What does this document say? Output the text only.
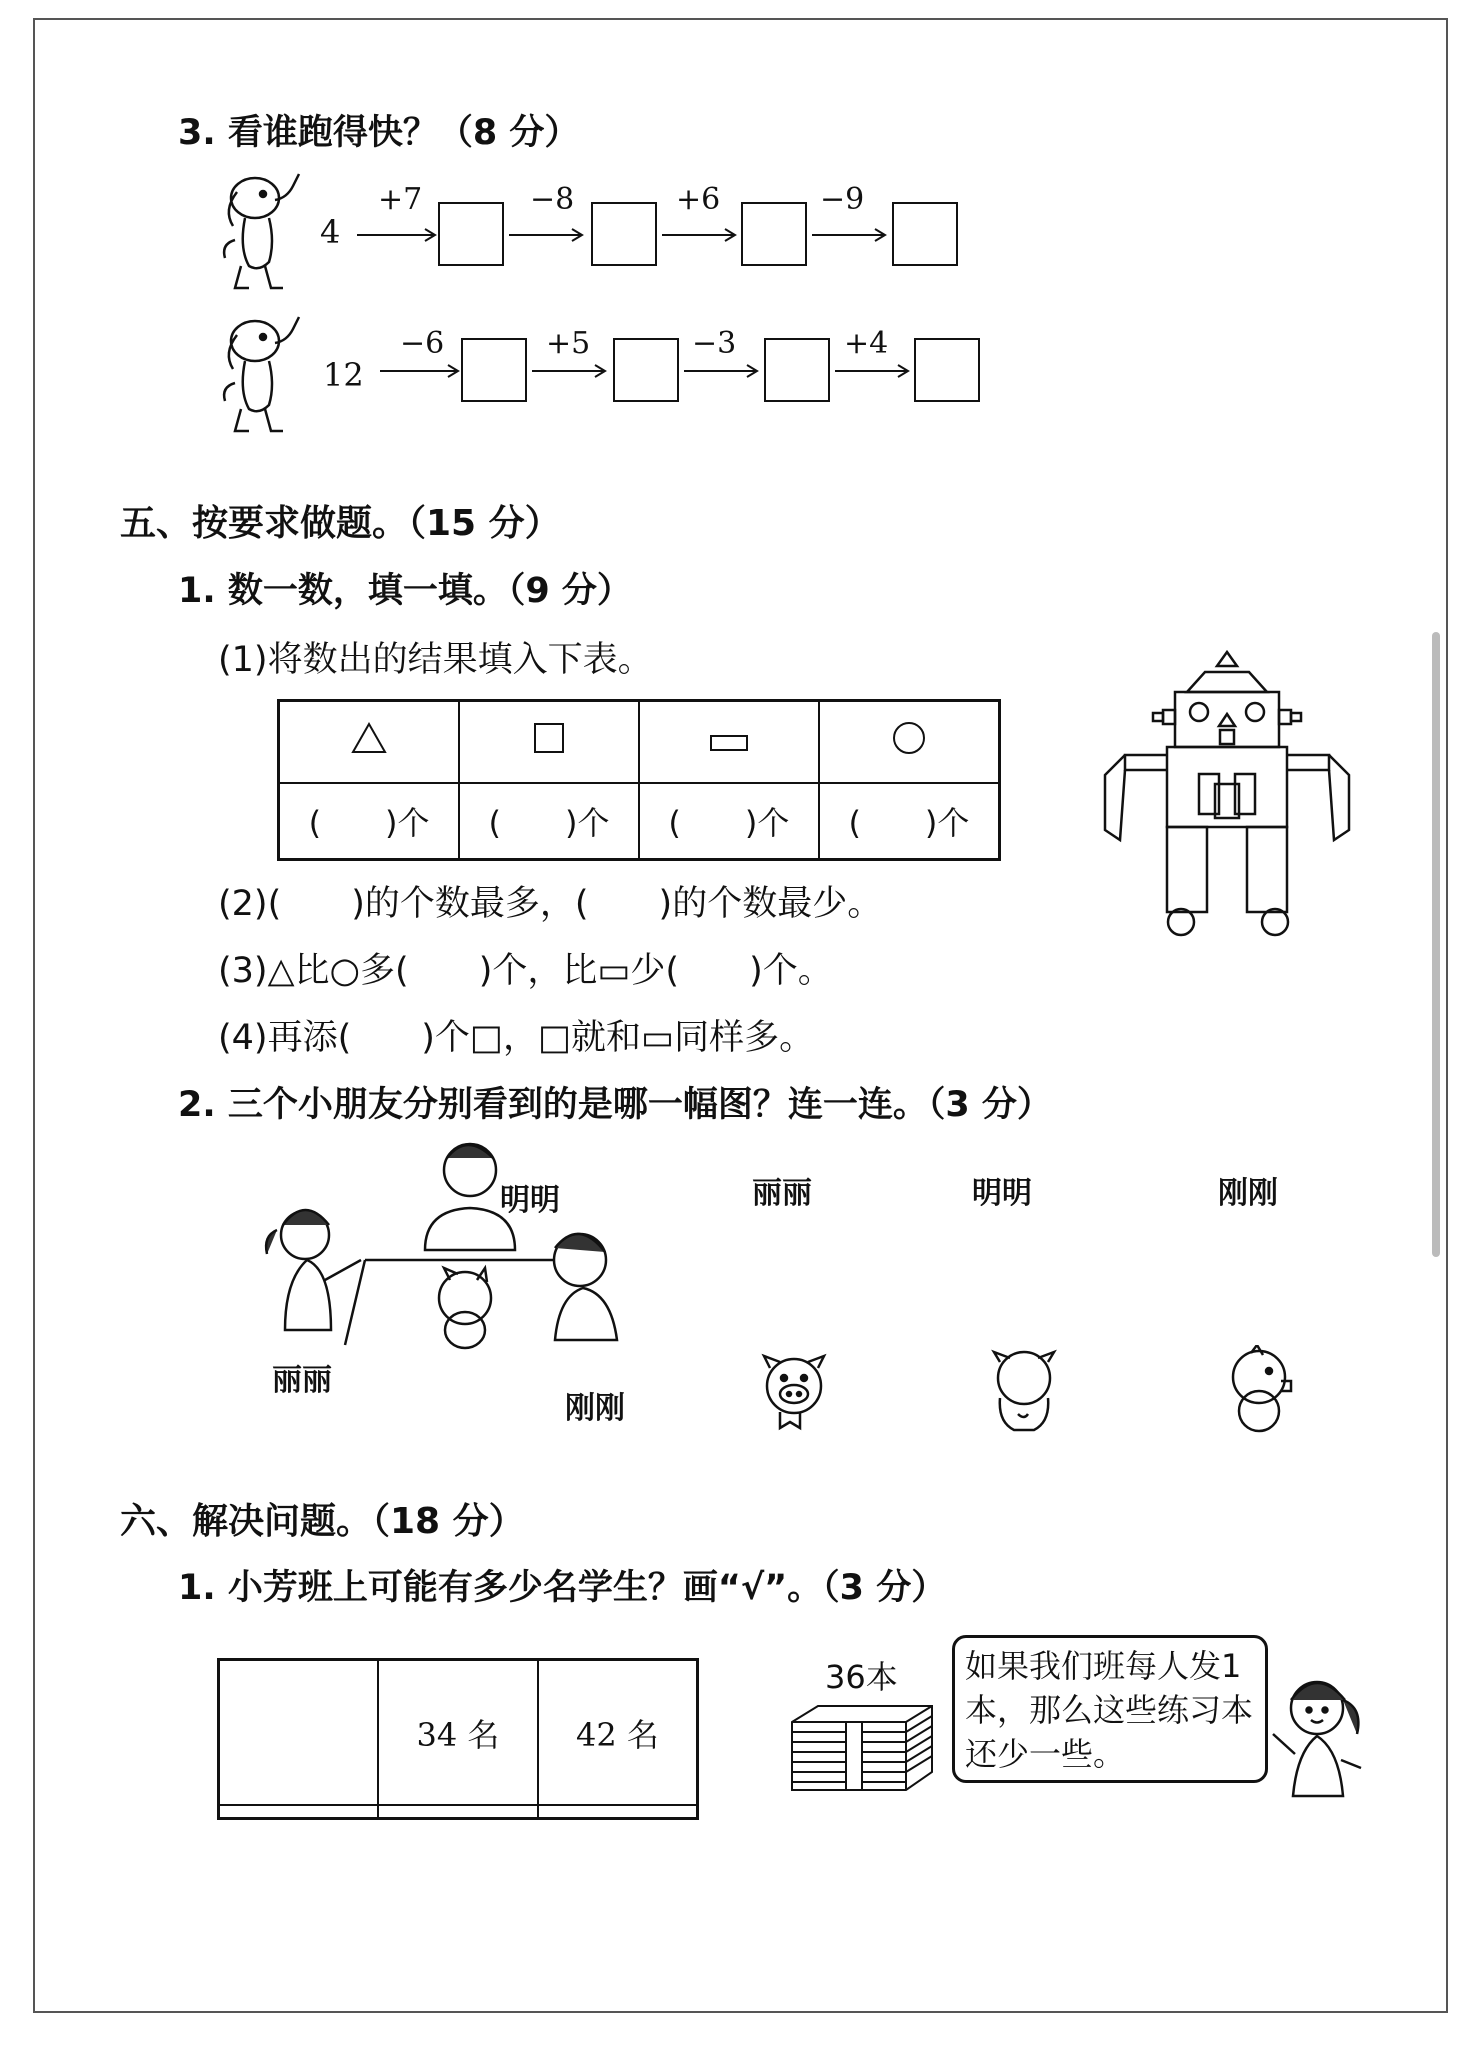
3. 看谁跑得快？（8 分）
4
+7	−8	+6	−9
12
−6	+5	−3	+4
五、按要求做题。（15 分）
1. 数一数，填一填。（9 分）
(1)将数出的结果填入下表。

(　　)个	(　　)个	(　　)个	(　　)个
(2)(　　)的个数最多，(　　)的个数最少。
(3)△比○多(　　)个，比▭少(　　)个。
(4)再添(　　)个□，□就和▭同样多。
2. 三个小朋友分别看到的是哪一幅图？连一连。（3 分）
明明
丽丽
刚刚
丽丽	明明	刚刚
六、解决问题。（18 分）
1. 小芳班上可能有多少名学生？画“√”。（3 分）
	34 名	42 名

36本	如果我们班每人发1本，那么这些练习本还少一些。
